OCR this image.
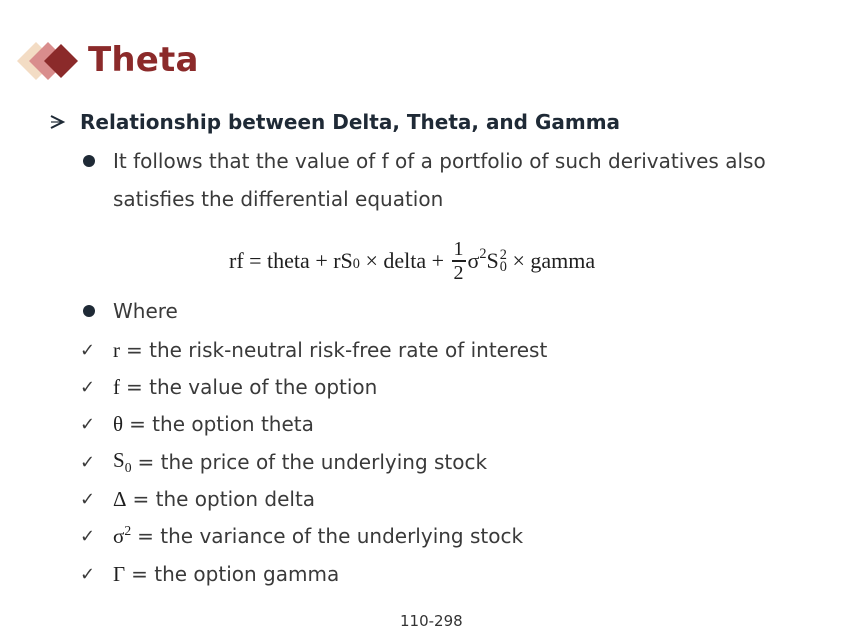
Theta
Relationship between Delta, Theta, and Gamma
It follows that the value of f of a portfolio of such derivatives also satisfies the differential equation
rf = theta + $rS_0$ × delta + $\frac{1}{2} \sigma^2$ S 2
0 × gamma
Where
✓ r = the risk-neutral risk-free rate of interest
✓ f = the value of the option
✓ θ = the option theta
✓ $S_0$ = the price of the underlying stock
✓ Δ = the option delta
✓ $\sigma^2$ = the variance of the underlying stock
✓ Γ = the option gamma
110-298
